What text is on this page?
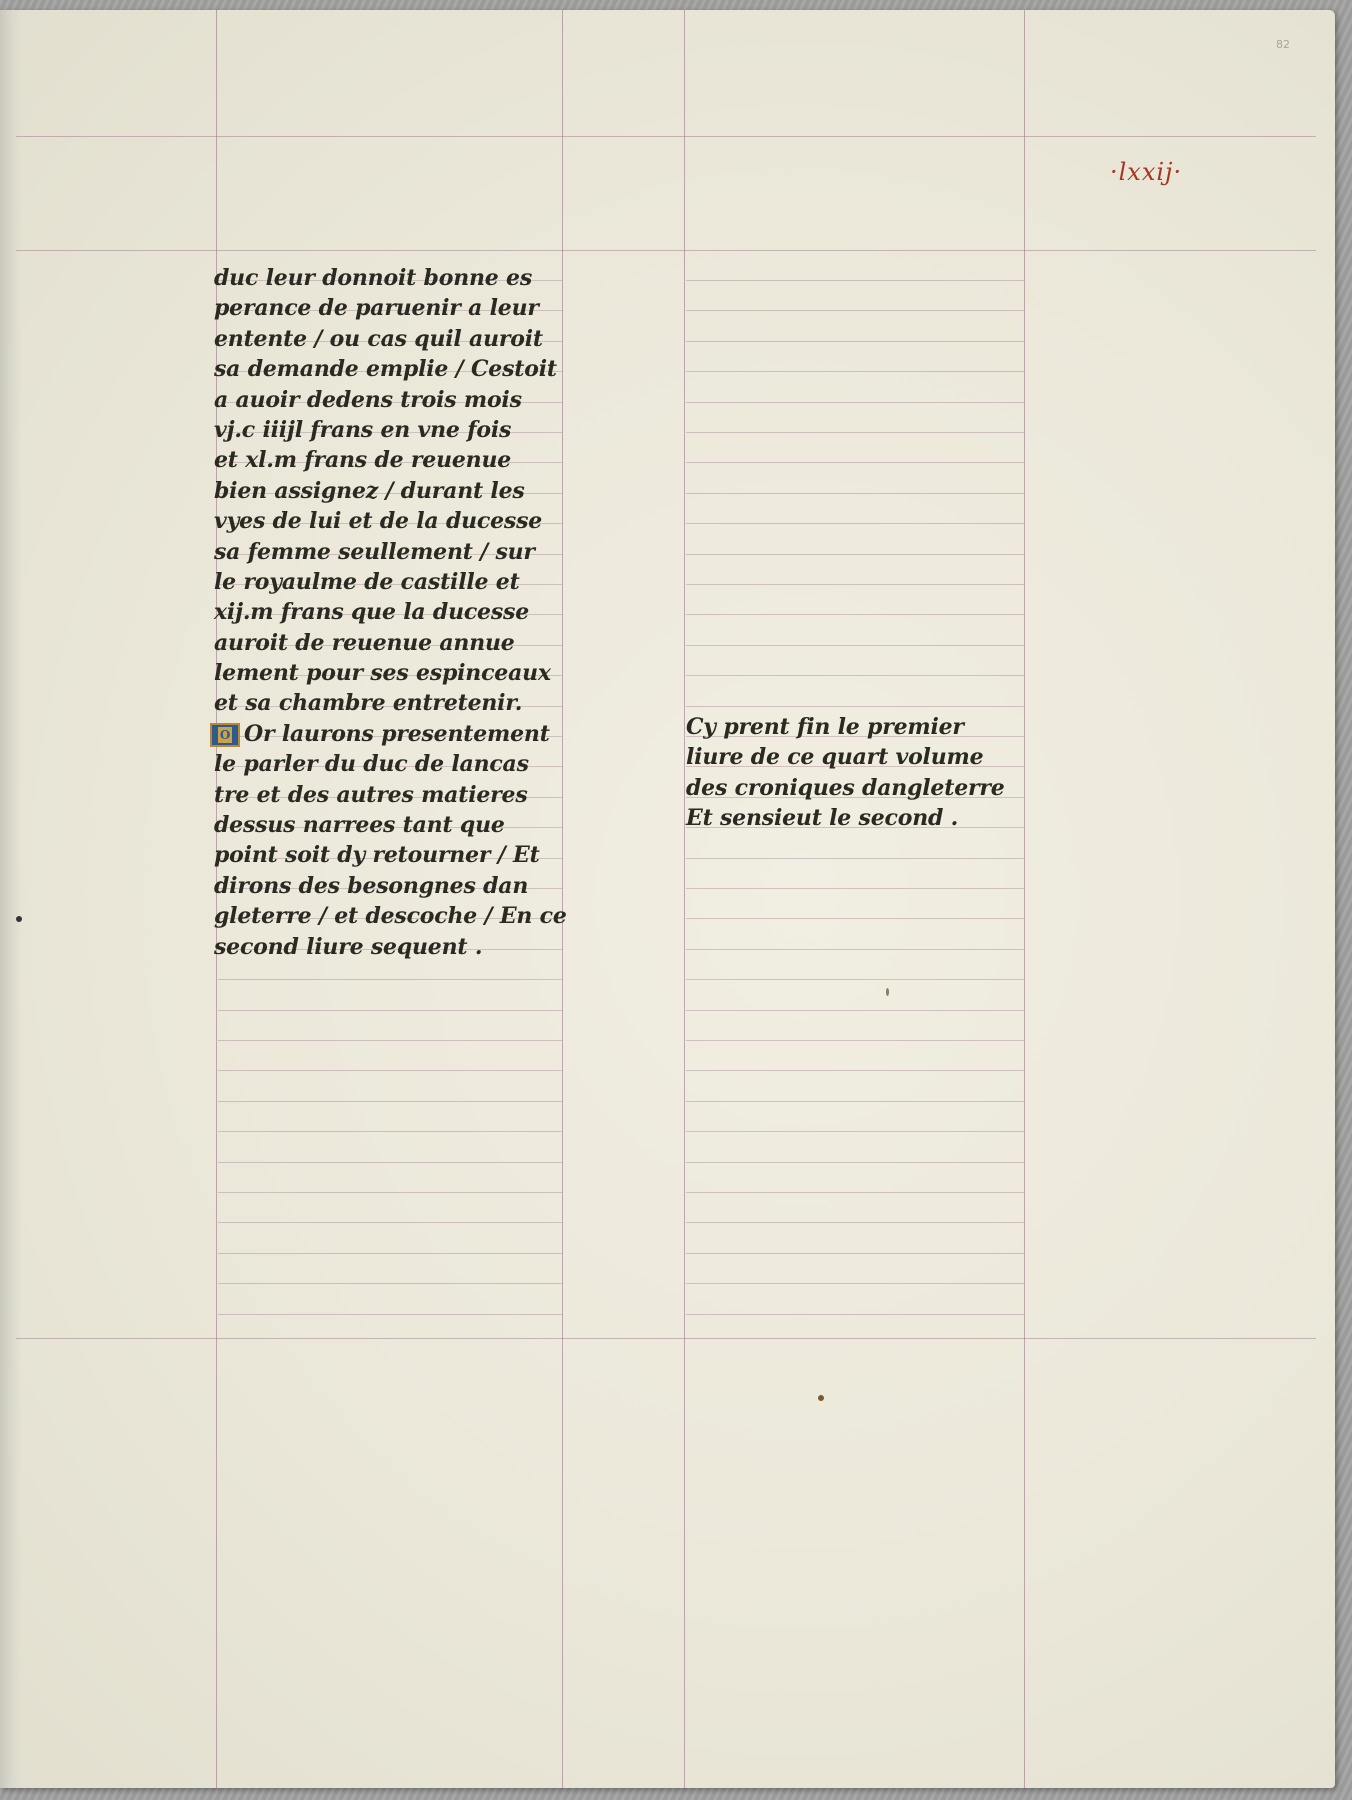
82
·lxxij·
duc leur donnoit bonne es
perance de paruenir a leur
entente / ou cas quil auroit
sa demande emplie / Cestoit
a auoir dedens trois mois
vj.c iiijl frans en vne fois
et xl.m frans de reuenue
bien assignez / durant les
vyes de lui et de la ducesse
sa femme seullement / sur
le royaulme de castille et
xij.m frans que la ducesse
auroit de reuenue annue
lement pour ses espinceaux
et sa chambre entretenir.
O Or laurons presentement
le parler du duc de lancas
tre et des autres matieres
dessus narrees tant que
point soit dy retourner / Et
dirons des besongnes dan
gleterre / et descoche / En ce
second liure sequent .
Cy prent fin le premier
liure de ce quart volume
des croniques dangleterre
Et sensieut le second .
